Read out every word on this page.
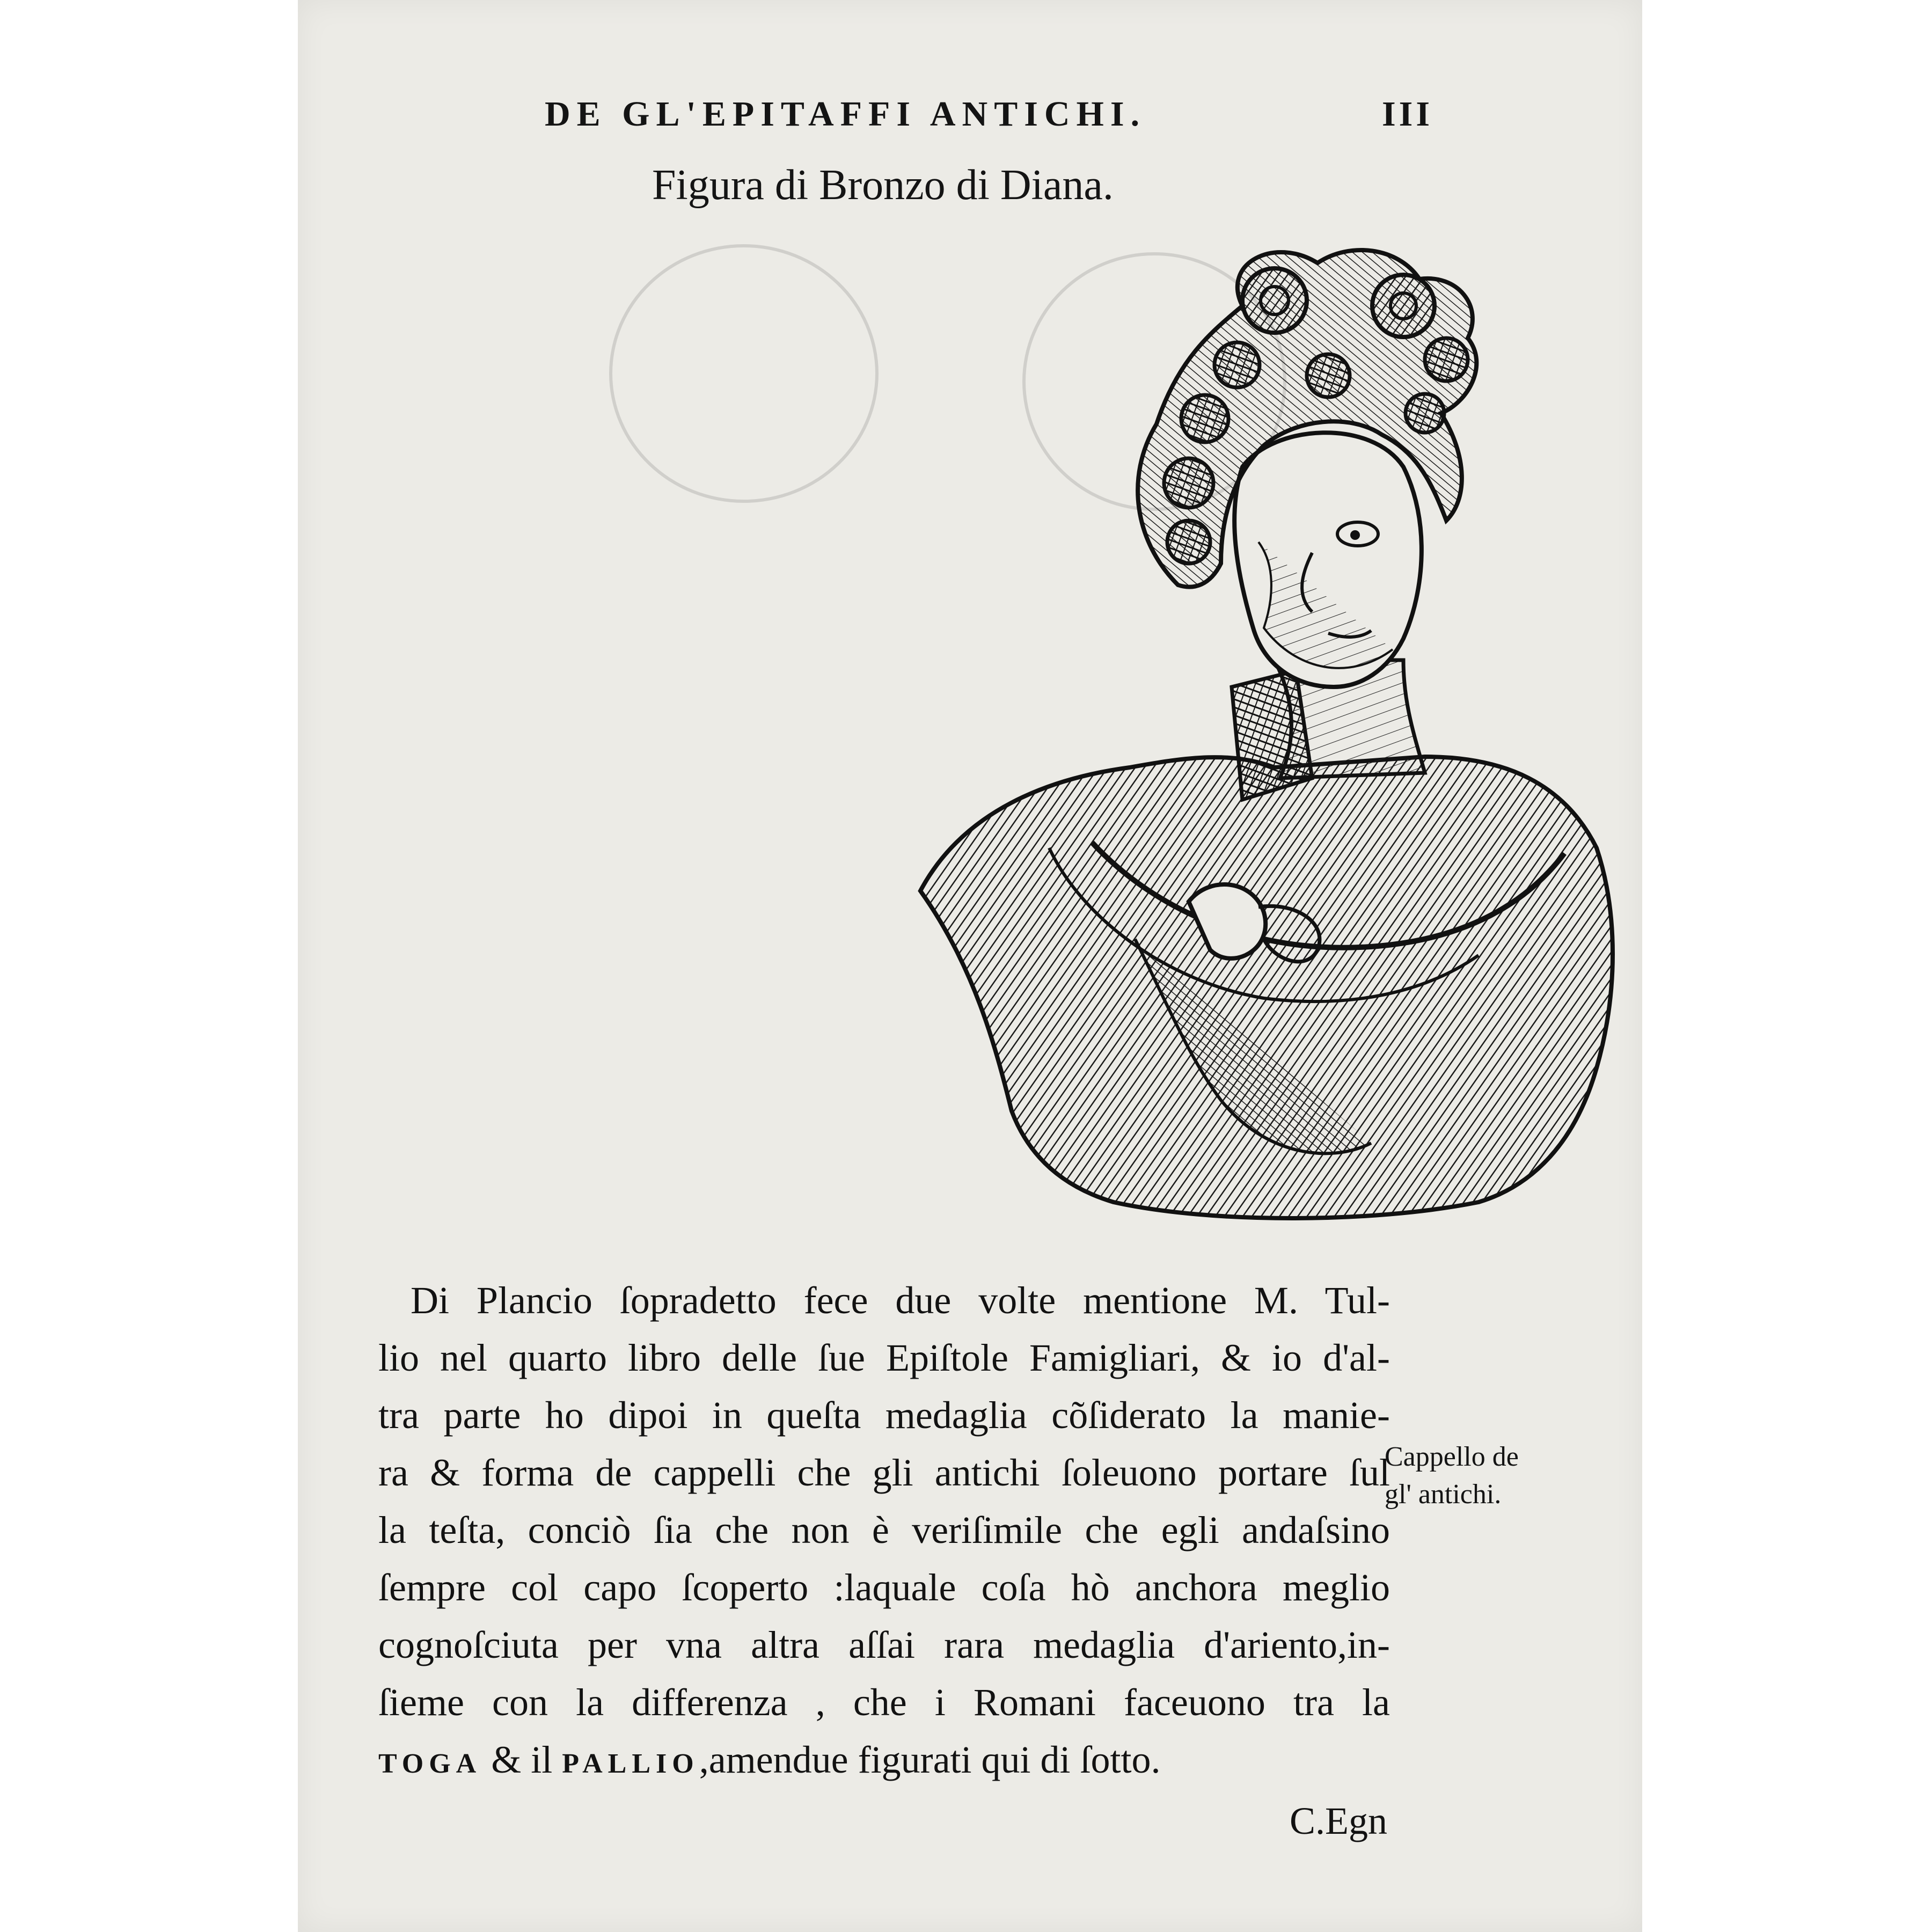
DE GL'EPITAFFI ANTICHI.	III
Figura di Bronzo di Diana.
Di Plancio ſopradetto fece due volte mentione M. Tul-
lio nel quarto libro delle ſue Epiſtole Famigliari, & io d'al-
tra parte ho dipoi in queſta medaglia cõſiderato la manie-
ra & forma de cappelli che gli antichi ſoleuono portare ſul
la teſta, conciò ſia che non è veriſimile che egli andaſsino
ſempre col capo ſcoperto :laquale coſa hò anchora meglio
cognoſciuta per vna altra aſſai rara medaglia d'ariento,in-
ſieme con la differenza , che i Romani faceuono tra la
TOGA & il PALLIO,amendue figurati qui di ſotto.
C.Egn
Cappello de
gl' antichi.
